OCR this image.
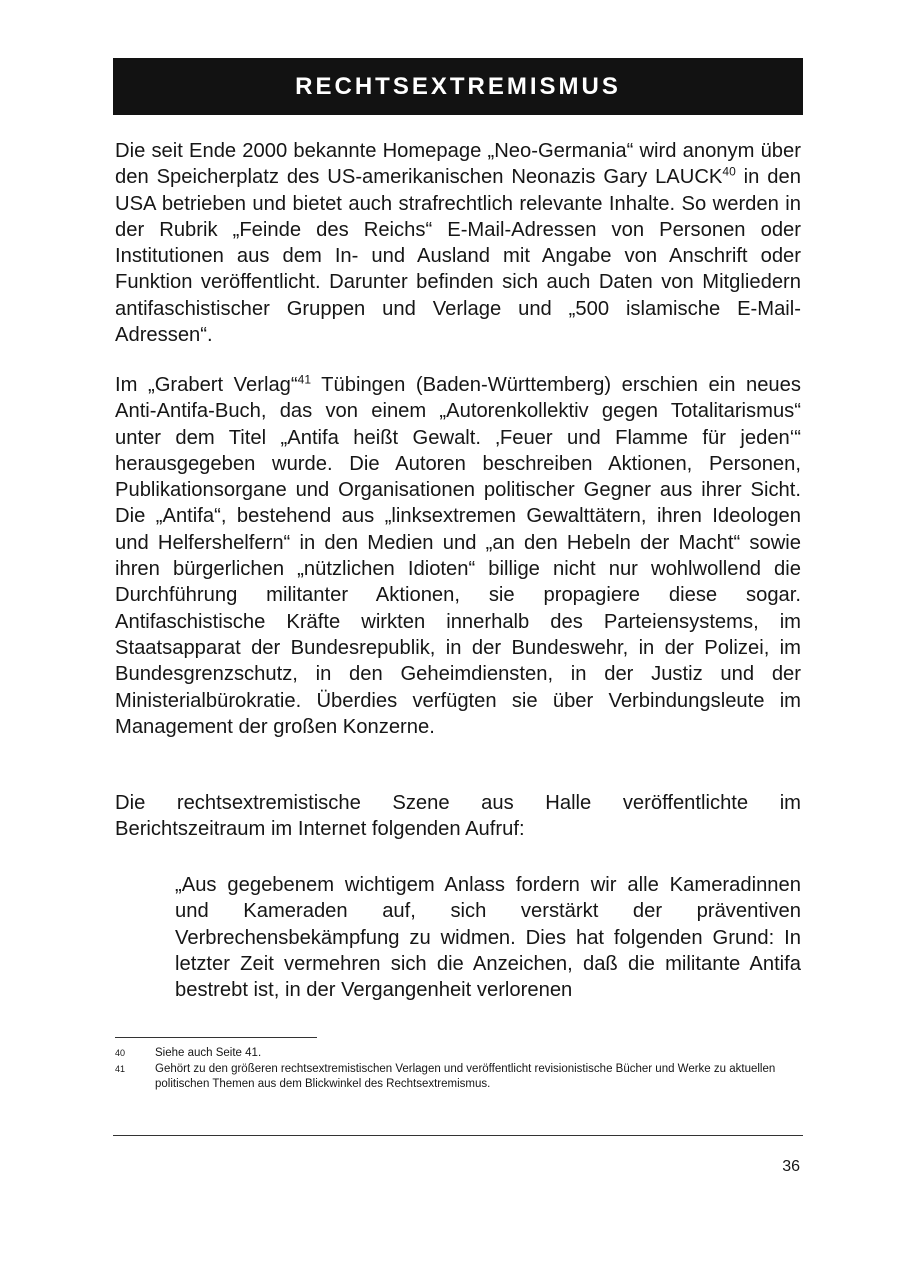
RECHTSEXTREMISMUS

Die seit Ende 2000 bekannte Homepage „Neo-Germania“ wird anonym über den Speicherplatz des US-amerikanischen Neonazis Gary LAUCK$^{40}$ in den USA betrieben und bietet auch strafrechtlich relevante Inhalte. So werden in der Rubrik „Feinde des Reichs“ E-Mail-Adressen von Personen oder Institutionen aus dem In- und Ausland mit Angabe von Anschrift oder Funktion veröffentlicht. Darunter befinden sich auch Daten von Mitgliedern antifaschistischer Gruppen und Verlage und „500 islamische E-Mail-Adressen“.

Im „Grabert Verlag“$^{41}$ Tübingen (Baden-Württemberg) erschien ein neues Anti-Antifa-Buch, das von einem „Autorenkollektiv gegen Totalitarismus“ unter dem Titel „Antifa heißt Gewalt. ‚Feuer und Flamme für jeden‘“ herausgegeben wurde. Die Autoren beschreiben Aktionen, Personen, Publikationsorgane und Organisationen politischer Gegner aus ihrer Sicht. Die „Antifa“, bestehend aus „linksextremen Gewalttätern, ihren Ideologen und Helfershelfern“ in den Medien und „an den Hebeln der Macht“ sowie ihren bürgerlichen „nützlichen Idioten“ billige nicht nur wohlwollend die Durchführung militanter Aktionen, sie propagiere diese sogar. Antifaschistische Kräfte wirkten innerhalb des Parteiensystems, im Staatsapparat der Bundesrepublik, in der Bundeswehr, in der Polizei, im Bundesgrenzschutz, in den Geheimdiensten, in der Justiz und der Ministerialbürokratie. Überdies verfügten sie über Verbindungsleute im Management der großen Konzerne.

Die rechtsextremistische Szene aus Halle veröffentlichte im Berichtszeitraum im Internet folgenden Aufruf:

„Aus gegebenem wichtigem Anlass fordern wir alle Kameradinnen und Kameraden auf, sich verstärkt der präventiven Verbrechensbekämpfung zu widmen. Dies hat folgenden Grund: In letzter Zeit vermehren sich die Anzeichen, daß die militante Antifa bestrebt ist, in der Vergangenheit verlorenen

40	Siehe auch Seite 41.
41	Gehört zu den größeren rechtsextremistischen Verlagen und veröffentlicht revisionistische Bücher und Werke zu aktuellen politischen Themen aus dem Blickwinkel des Rechtsextremismus.
36
